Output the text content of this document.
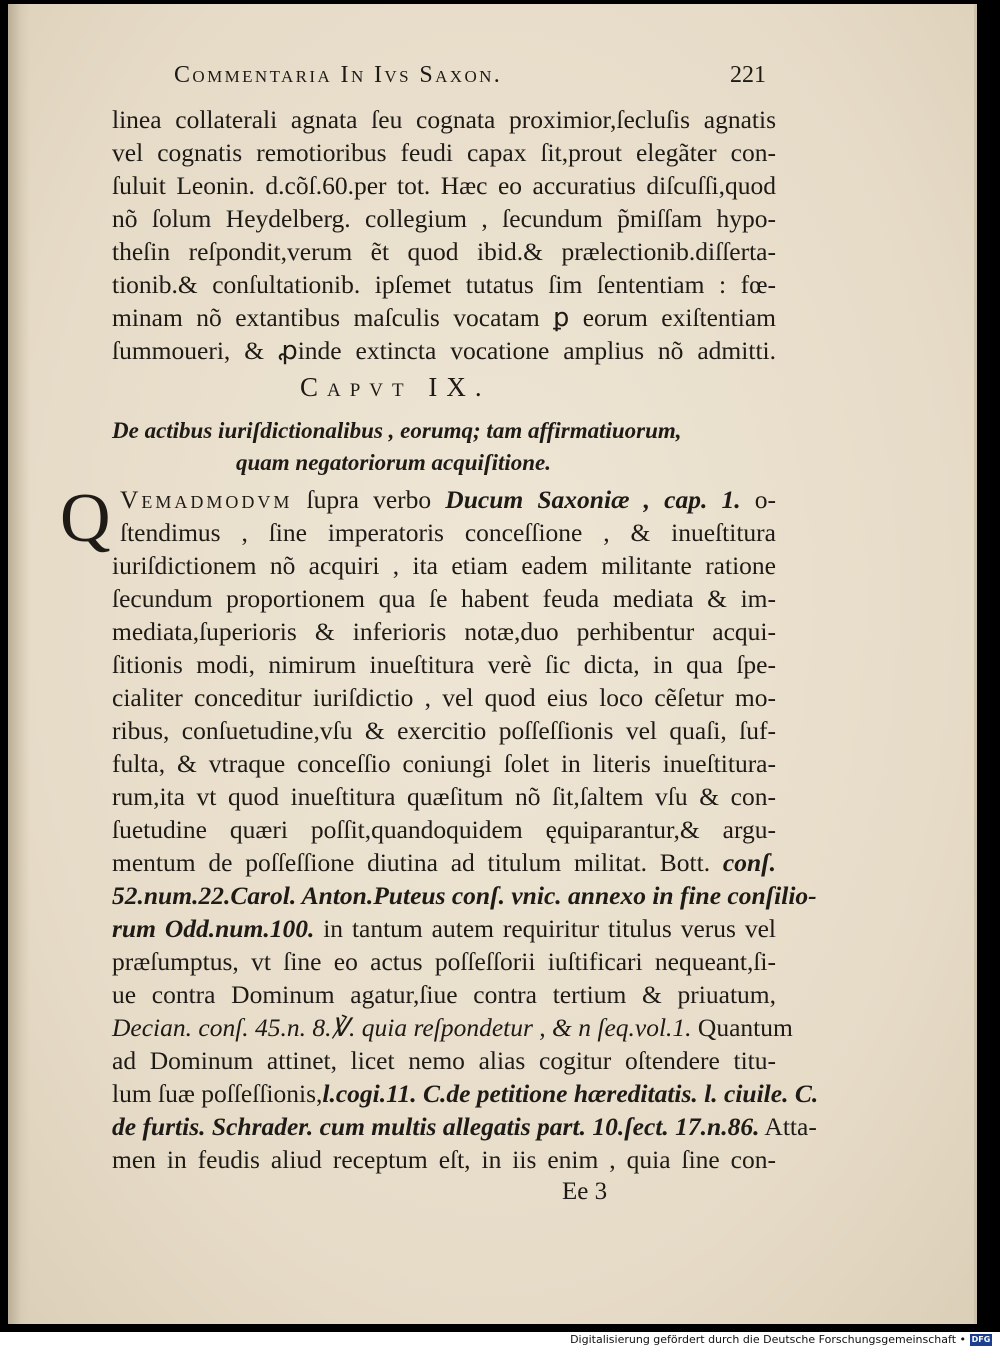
Commentaria In Ivs Saxon.	221

linea collaterali agnata ſeu cognata proximior,ſecluſis agnatis

vel cognatis remotioribus feudi capax ſit,prout elegãter con-

ſuluit Leonin. d.cõſ.60.per tot. Hæc eo accuratius diſcuſſi,quod

nõ ſolum Heydelberg. collegium , ſecundum p̃miſſam hypo-

theſin reſpondit,verum ẽt quod ibid.& prælectionib.diſſerta-

tionib.& conſultationib. ipſemet tutatus ſim ſententiam : fœ-

minam nõ extantibus maſculis vocatam ꝑ eorum exiſtentiam

ſummoueri, & ꝓinde extincta vocatione amplius nõ admitti.

Capvt IX.
De actibus iuriſdictionalibus , eorumq; tam affirmatiuorum,
quam negatoriorum acquiſitione.
Q Vemadmodvm ſupra verbo Ducum Saxoniæ , cap. 1. o-

ſtendimus , ſine imperatoris conceſſione , & inueſtitura

iuriſdictionem nõ acquiri , ita etiam eadem militante ratione

ſecundum proportionem qua ſe habent feuda mediata & im-

mediata,ſuperioris & inferioris notæ,duo perhibentur acqui-

ſitionis modi, nimirum inueſtitura verè ſic dicta, in qua ſpe-

cialiter conceditur iuriſdictio , vel quod eius loco cẽſetur mo-

ribus, conſuetudine,vſu & exercitio poſſeſſionis vel quaſi, ſuf-

fulta, & vtraque conceſſio coniungi ſolet in literis inueſtitura-

rum,ita vt quod inueſtitura quæſitum nõ ſit,ſaltem vſu & con-

ſuetudine quæri poſſit,quandoquidem ęquiparantur,& argu-

mentum de poſſeſſione diutina ad titulum militat. Bott. conſ.

52.num.22.Carol. Anton.Puteus conſ. vnic. annexo in fine conſilio-

rum Odd.num.100. in tantum autem requiritur titulus verus vel

præſumptus, vt ſine eo actus poſſeſſorii iuſtificari nequeant,ſi-

ue contra Dominum agatur,ſiue contra tertium & priuatum,

Decian. conſ. 45.n. 8.℣. quia reſpondetur , & n ſeq.vol.1. Quantum

ad Dominum attinet, licet nemo alias cogitur oſtendere titu-

lum ſuæ poſſeſſionis,l.cogi.11. C.de petitione hæreditatis. l. ciuile. C.

de furtis. Schrader. cum multis allegatis part. 10.ſect. 17.n.86. Atta-

men in feudis aliud receptum eſt, in iis enim , quia ſine con-

Ee 3
Digitalisierung gefördert durch die Deutsche Forschungsgemeinschaft • DFG
